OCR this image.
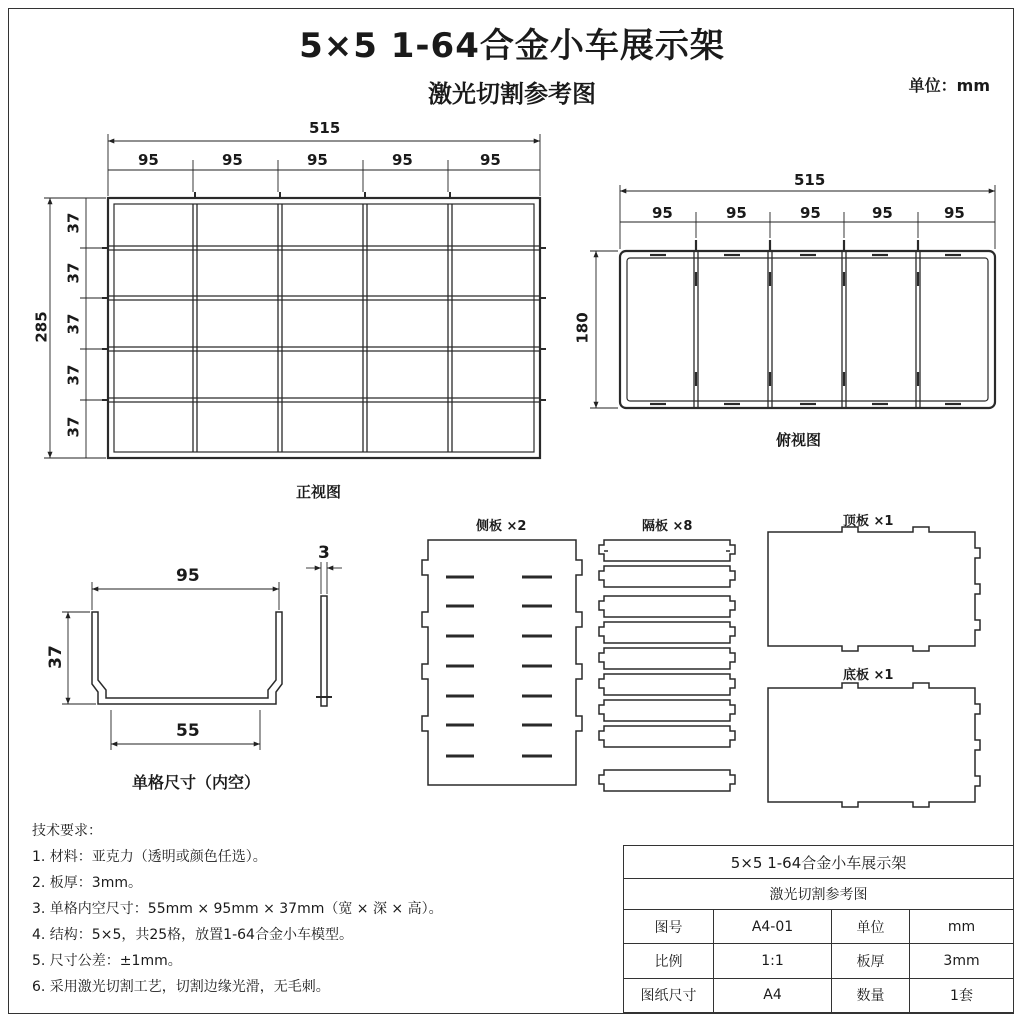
5×5 1-64合金小车展示架
激光切割参考图	单位：mm
515
95	95	95	95	95
285
37
37
37
37
37
正视图
515
95	95	95	95	95
180
俯视图
95
37
55
3
单格尺寸（内空）
侧板 ×2	隔板 ×8	顶板 ×1
底板 ×1
技术要求：
1. 材料：亚克力（透明或颜色任选）。
2. 板厚：3mm。
3. 单格内空尺寸：55mm × 95mm × 37mm（宽 × 深 × 高）。
4. 结构：5×5，共25格，放置1-64合金小车模型。
5. 尺寸公差：±1mm。
6. 采用激光切割工艺，切割边缘光滑，无毛刺。
5×5 1-64合金小车展示架			
激光切割参考图			
图号	A4-01	单位	mm
比例	1:1	板厚	3mm
图纸尺寸	A4	数量	1套
